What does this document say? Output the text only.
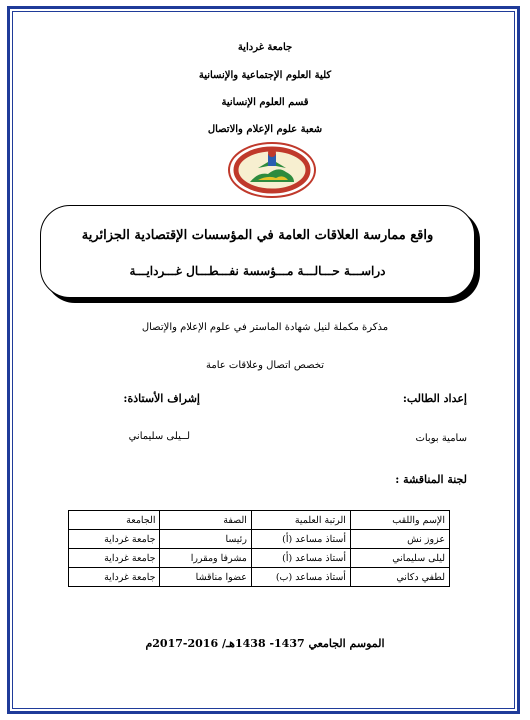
جامعة غرداية
كلية العلوم الإجتماعية والإنسانية
قسم العلوم الإنسانية
شعبة علوم الإعلام والاتصال
واقع ممارسة العلاقات العامة في المؤسسات الإقتصادية الجزائرية
دراســـة حـــالـــة مـــؤسسة نفـــطـــال غـــردايـــة
مذكرة مكملة لنيل شهادة الماستر في علوم الإعلام والإتصال
تخصص اتصال وعلاقات عامة
إعداد الطالب:
إشراف الأستاذة:
سامية بوبات
لــيلى سليماني
لجنة المناقشة :
الإسم واللقب	الرتبة العلمية	الصفة	الجامعة
عزوز نش	أستاذ مساعد (أ)	رئيسا	جامعة غرداية
ليلى سليماني	أستاذ مساعد (أ)	مشرفا ومقررا	جامعة غرداية
لطفي دكاني	أستاذ مساعد (ب)	عضوا مناقشا	جامعة غرداية
الموسم الجامعي 1437- 1438هـ/ 2016-2017م
